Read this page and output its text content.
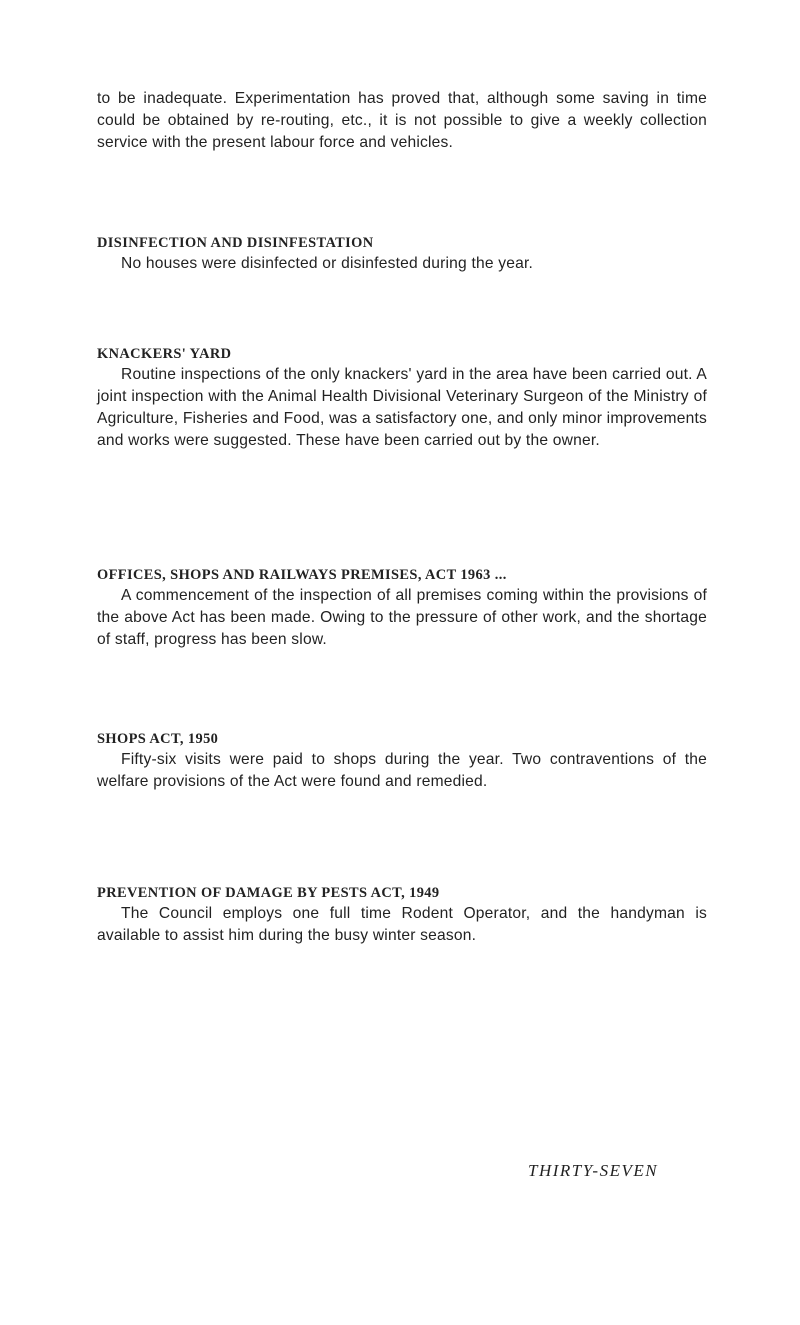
to be inadequate. Experimentation has proved that, although some saving in time could be obtained by re-routing, etc., it is not possible to give a weekly collection service with the present labour force and vehicles.

DISINFECTION AND DISINFESTATION

No houses were disinfected or disinfested during the year.

KNACKERS' YARD

Routine inspections of the only knackers' yard in the area have been carried out. A joint inspection with the Animal Health Divisional Veterinary Surgeon of the Ministry of Agriculture, Fisheries and Food, was a satisfactory one, and only minor improvements and works were suggested. These have been carried out by the owner.

OFFICES, SHOPS AND RAILWAYS PREMISES, ACT 1963 ...

A commencement of the inspection of all premises coming within the provisions of the above Act has been made. Owing to the pressure of other work, and the shortage of staff, progress has been slow.

SHOPS ACT, 1950

Fifty-six visits were paid to shops during the year. Two contraventions of the welfare provisions of the Act were found and remedied.

PREVENTION OF DAMAGE BY PESTS ACT, 1949

The Council employs one full time Rodent Operator, and the handyman is available to assist him during the busy winter season.

THIRTY-SEVEN
